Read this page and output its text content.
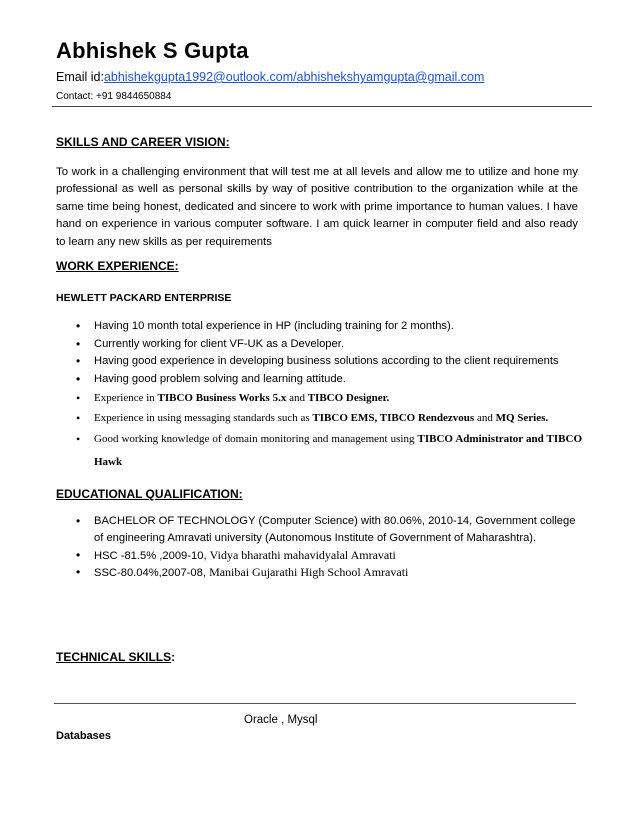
Abhishek S Gupta
Email id:abhishekgupta1992@outlook.com/abhishekshyamgupta@gmail.com
Contact: +91 9844650884
SKILLS AND CAREER VISION:
To work in a challenging environment that will test me at all levels and allow me to utilize and hone my professional as well as personal skills by way of positive contribution to the organization while at the same time being honest, dedicated and sincere to work with prime importance to human values. I have hand on experience in various computer software. I am quick learner in computer field and also ready to learn any new skills as per requirements
WORK EXPERIENCE:
HEWLETT PACKARD ENTERPRISE
• Having 10 month total experience in HP (including training for 2 months).
• Currently working for client VF-UK as a Developer.
• Having good experience in developing business solutions according to the client requirements
• Having good problem solving and learning attitude.
• Experience in TIBCO Business Works 5.x and TIBCO Designer.
• Experience in using messaging standards such as TIBCO EMS, TIBCO Rendezvous and MQ Series.
• Good working knowledge of domain monitoring and management using TIBCO Administrator and TIBCO Hawk
EDUCATIONAL QUALIFICATION:
• BACHELOR OF TECHNOLOGY (Computer Science) with 80.06%, 2010-14, Government college of engineering Amravati university (Autonomous Institute of Government of Maharashtra).
• HSC -81.5% ,2009-10, Vidya bharathi mahavidyalal Amravati
• SSC-80.04%,2007-08, Manibai Gujarathi High School Amravati
TECHNICAL SKILLS:
Oracle , Mysql
Databases
